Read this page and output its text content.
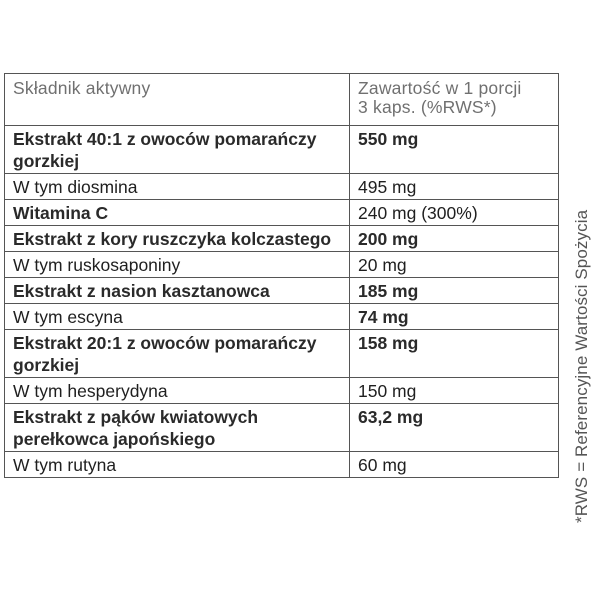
Składnik aktywny	Zawartość w 1 porcji
3 kaps. (%RWS*)

Ekstrakt 40:1 z owoców pomarańczy gorzkiej	550 mg
W tym diosmina	495 mg
Witamina C	240 mg (300%)
Ekstrakt z kory ruszczyka kolczastego	200 mg
W tym ruskosaponiny	20 mg
Ekstrakt z nasion kasztanowca	185 mg
W tym escyna	74 mg
Ekstrakt 20:1 z owoców pomarańczy gorzkiej	158 mg
W tym hesperydyna	150 mg
Ekstrakt z pąków kwiatowych perełkowca japońskiego	63,2 mg
W tym rutyna	60 mg	*RWS = Referencyjne Wartości Spożycia
